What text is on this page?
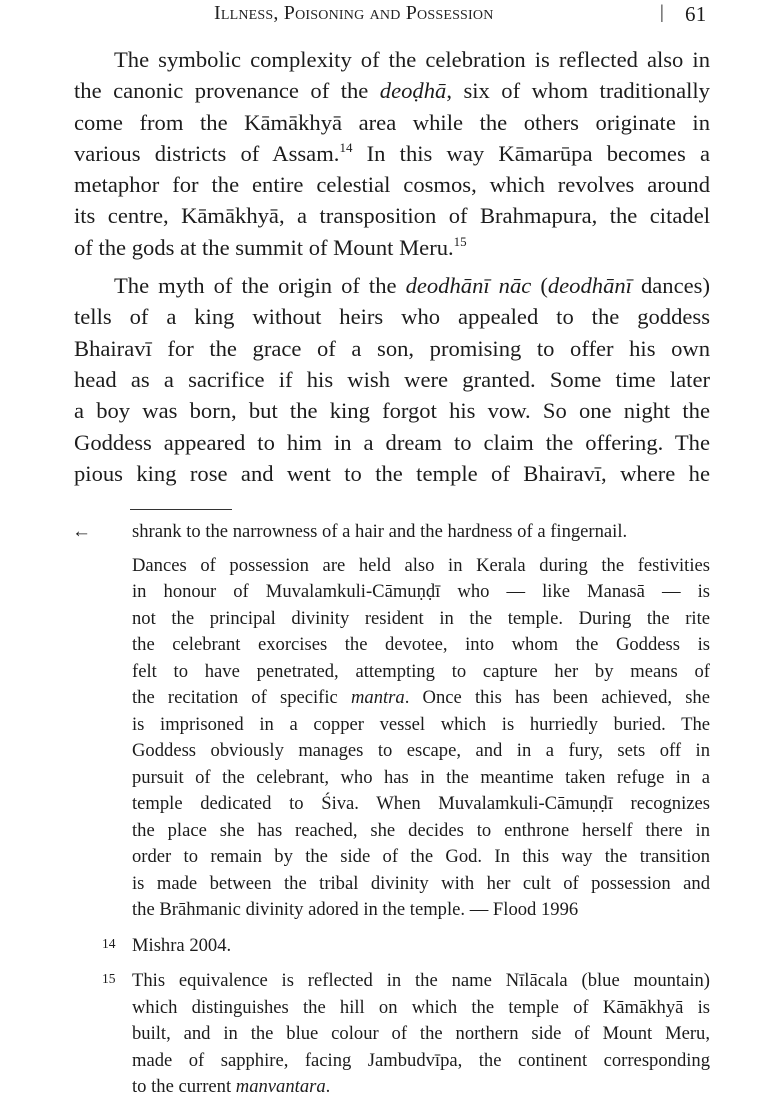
Illness, Poisoning and Possession	| 61
The symbolic complexity of the celebration is reflected also in
the canonic provenance of the deoḍhā, six of whom traditionally
come from the Kāmākhyā area while the others originate in
various districts of Assam.$^{14}$ In this way Kāmarūpa becomes a
metaphor for the entire celestial cosmos, which revolves around
its centre, Kāmākhyā, a transposition of Brahmapura, the citadel
of the gods at the summit of Mount Meru.$^{15}$
The myth of the origin of the deodhānī nāc (deodhānī dances)
tells of a king without heirs who appealed to the goddess
Bhairavī for the grace of a son, promising to offer his own
head as a sacrifice if his wish were granted. Some time later
a boy was born, but the king forgot his vow. So one night the
Goddess appeared to him in a dream to claim the offering. The
pious king rose and went to the temple of Bhairavī, where he
←	shrank to the narrowness of a hair and the hardness of a fingernail.
Dances of possession are held also in Kerala during the festivities
in honour of Muvalamkuli-Cāmuṇḍī who — like Manasā — is
not the principal divinity resident in the temple. During the rite
the celebrant exorcises the devotee, into whom the Goddess is
felt to have penetrated, attempting to capture her by means of
the recitation of specific mantra. Once this has been achieved, she
is imprisoned in a copper vessel which is hurriedly buried. The
Goddess obviously manages to escape, and in a fury, sets off in
pursuit of the celebrant, who has in the meantime taken refuge in a
temple dedicated to Śiva. When Muvalamkuli-Cāmuṇḍī recognizes
the place she has reached, she decides to enthrone herself there in
order to remain by the side of the God. In this way the transition
is made between the tribal divinity with her cult of possession and
the Brāhmanic divinity adored in the temple. — Flood 1996
14 Mishra 2004.
15 This equivalence is reflected in the name Nīlācala (blue mountain)
which distinguishes the hill on which the temple of Kāmākhyā is
built, and in the blue colour of the northern side of Mount Meru,
made of sapphire, facing Jambudvīpa, the continent corresponding
to the current manvantara.
